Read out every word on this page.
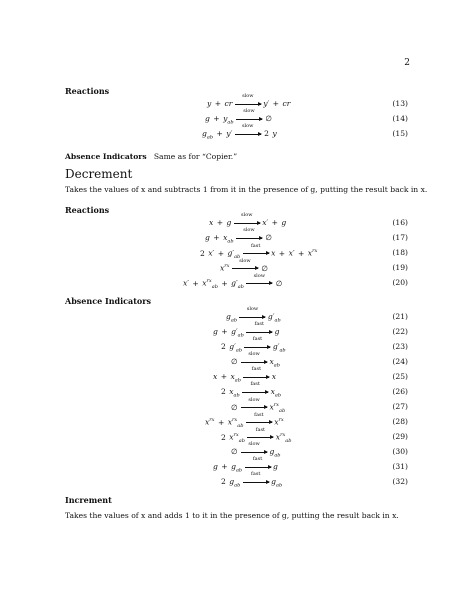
2
Reactions
y + cr
slow
y′ + cr	(13)
$g + y_{ab}$
slow
∅	(14)
$g_{ab} + y'$
slow
2 y	(15)
Absence Indicators Same as for “Copier.”
Decrement
Takes the values of x and subtracts 1 from it in the presence of g, putting the result back in x.
Reactions
x + g
slow
x′ + g	(16)
$g + x_{ab}$
slow
∅	(17)
2 $x' + g'_{ab}$
fast
$x + x' + x^{rx}$	(18)
$x^{rx}$
slow
∅	(19)
$x' + x^{rx}_{ab} + g'_{ab}$
slow
∅	(20)
Absence Indicators
$g_{ab}$
slow
$g'_{ab}$	(21)
$g + g'_{ab}$
fast
g	(22)
2 $g'_{ab}$
fast
$g'_{ab}$	(23)
∅
slow
$x_{ab}$	(24)
$x + x_{ab}$
fast
x	(25)
2 $x_{ab}$
fast
$x_{ab}$	(26)
∅
slow
$x^{rx}_{ab}$
(27)
$x^{rx} + x^{rx}_{ab}$
fast
$x^{rx}$	(28)
2 $x^{rx}_{ab}$
fast
$x^{rx}_{ab}$
(29)
∅
slow
$g_{ab}$	(30)
$g + g_{ab}$
fast
g	(31)
2 $g_{ab}$
fast
$g_{ab}$	(32)
Increment
Takes the values of x and adds 1 to it in the presence of g, putting the result back in x.
